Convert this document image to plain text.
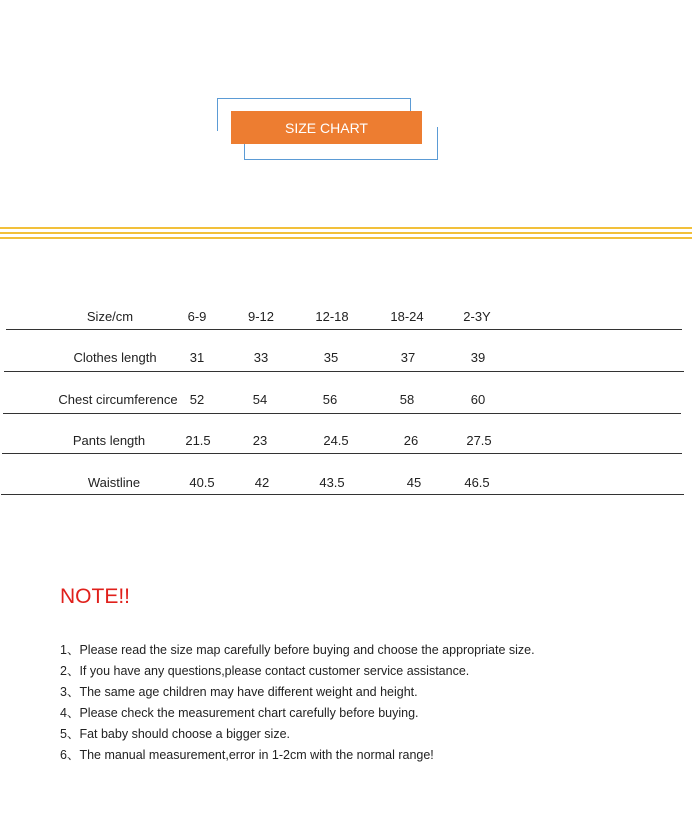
SIZE CHART
Size/cm	6-9	9-12	12-18	18-24	2-3Y
Clothes length	31	33	35	37	39
Chest circumference 52	54	56	58	60
Pants length	21.5	23	24.5	26	27.5
Waistline	40.5	42	43.5	45	46.5
NOTE!!
1、Please read the size map carefully before buying and choose the appropriate size.
2、If you have any questions,please contact customer service assistance.
3、The same age children may have different weight and height.
4、Please check the measurement chart carefully before buying.
5、Fat baby should choose a bigger size.
6、The manual measurement,error in 1-2cm with the normal range!
